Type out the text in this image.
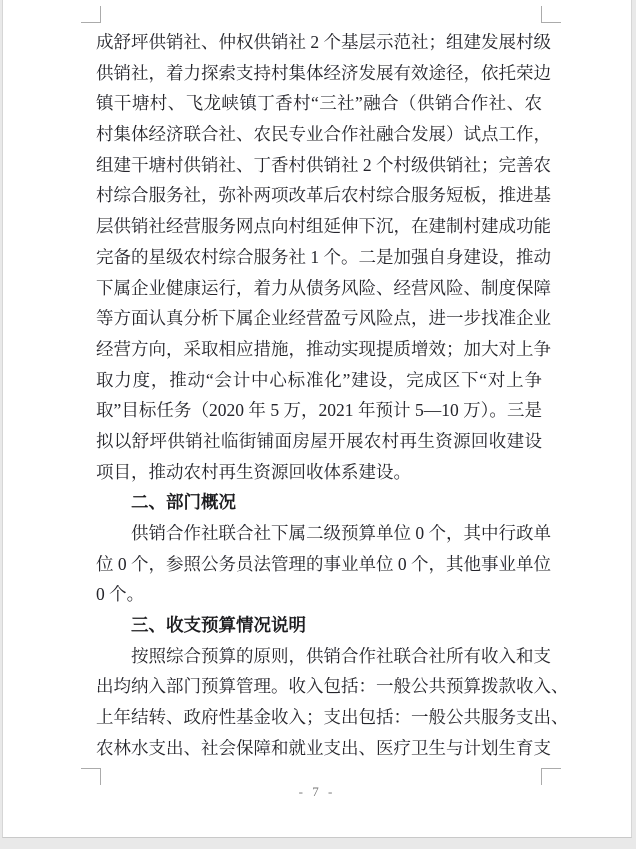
成舒坪供销社、仲权供销社 2 个基层示范社；组建发展村级
供销社，着力探索支持村集体经济发展有效途径，依托荣边
镇干塘村、飞龙峡镇丁香村“三社”融合（供销合作社、农
村集体经济联合社、农民专业合作社融合发展）试点工作，
组建干塘村供销社、丁香村供销社 2 个村级供销社；完善农
村综合服务社，弥补两项改革后农村综合服务短板，推进基
层供销社经营服务网点向村组延伸下沉，在建制村建成功能
完备的星级农村综合服务社 1 个。二是加强自身建设，推动
下属企业健康运行，着力从债务风险、经营风险、制度保障
等方面认真分析下属企业经营盈亏风险点，进一步找准企业
经营方向，采取相应措施，推动实现提质增效；加大对上争
取力度，推动“会计中心标准化”建设，完成区下“对上争
取”目标任务（2020 年 5 万，2021 年预计 5—10 万）。三是
拟以舒坪供销社临街铺面房屋开展农村再生资源回收建设
项目，推动农村再生资源回收体系建设。
二、部门概况
供销合作社联合社下属二级预算单位 0 个，其中行政单
位 0 个，参照公务员法管理的事业单位 0 个，其他事业单位
0 个。
三、收支预算情况说明
按照综合预算的原则，供销合作社联合社所有收入和支
出均纳入部门预算管理。收入包括：一般公共预算拨款收入、
上年结转、政府性基金收入；支出包括：一般公共服务支出、
农林水支出、社会保障和就业支出、医疗卫生与计划生育支
- 7 -
